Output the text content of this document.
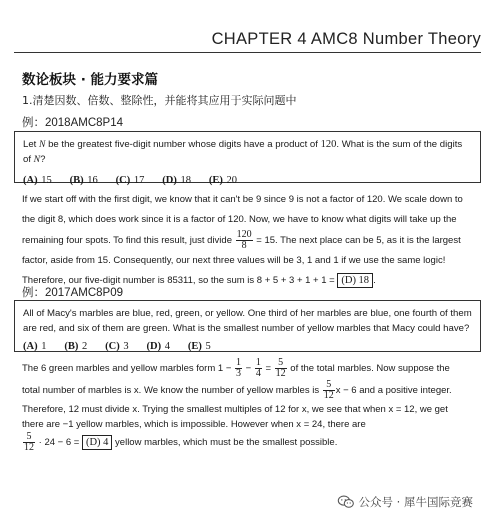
CHAPTER 4 AMC8 Number Theory
数论板块 · 能力要求篇
1.清楚因数、倍数、整除性，并能将其应用于实际问题中
例：2018AMC8P14
Let N be the greatest five-digit number whose digits have a product of 120. What is the sum of the digits of N?
(A) 15 (B) 16 (C) 17 (D) 18 (E) 20
If we start off with the first digit, we know that it can't be 9 since 9 is not a factor of 120. We scale down to
the digit 8, which does work since it is a factor of 120. Now, we have to know what digits will take up the
remaining four spots. To find this result, just divide $\frac{120}{8} = 15$. The next place can be 5, as it is the largest
factor, aside from 15. Consequently, our next three values will be 3, 1 and 1 if we use the same logic!
Therefore, our five-digit number is 85311, so the sum is 8 + 5 + 3 + 1 + 1 = (D) 18 .
例：2017AMC8P09
All of Macy's marbles are blue, red, green, or yellow. One third of her marbles are blue, one fourth of them
are red, and six of them are green. What is the smallest number of yellow marbles that Macy could have?
(A) 1 (B) 2 (C) 3 (D) 4 (E) 5
The 6 green marbles and yellow marbles form $1 - \frac{1}{3} - \frac{1}{4} = \frac{5}{12}$ of the total marbles. Now suppose the
total number of marbles is x. We know the number of yellow marbles is $\frac{5}{12}$ x − 6 and a positive integer.
Therefore, 12 must divide x. Trying the smallest multiples of 12 for x, we see that when x = 12, we get
there are −1 yellow marbles, which is impossible. However when x = 24, there are
$\frac{5}{12} \cdot 24 - 6 = (D)$ 4 yellow marbles, which must be the smallest possible.
公众号 · 犀牛国际竞赛
